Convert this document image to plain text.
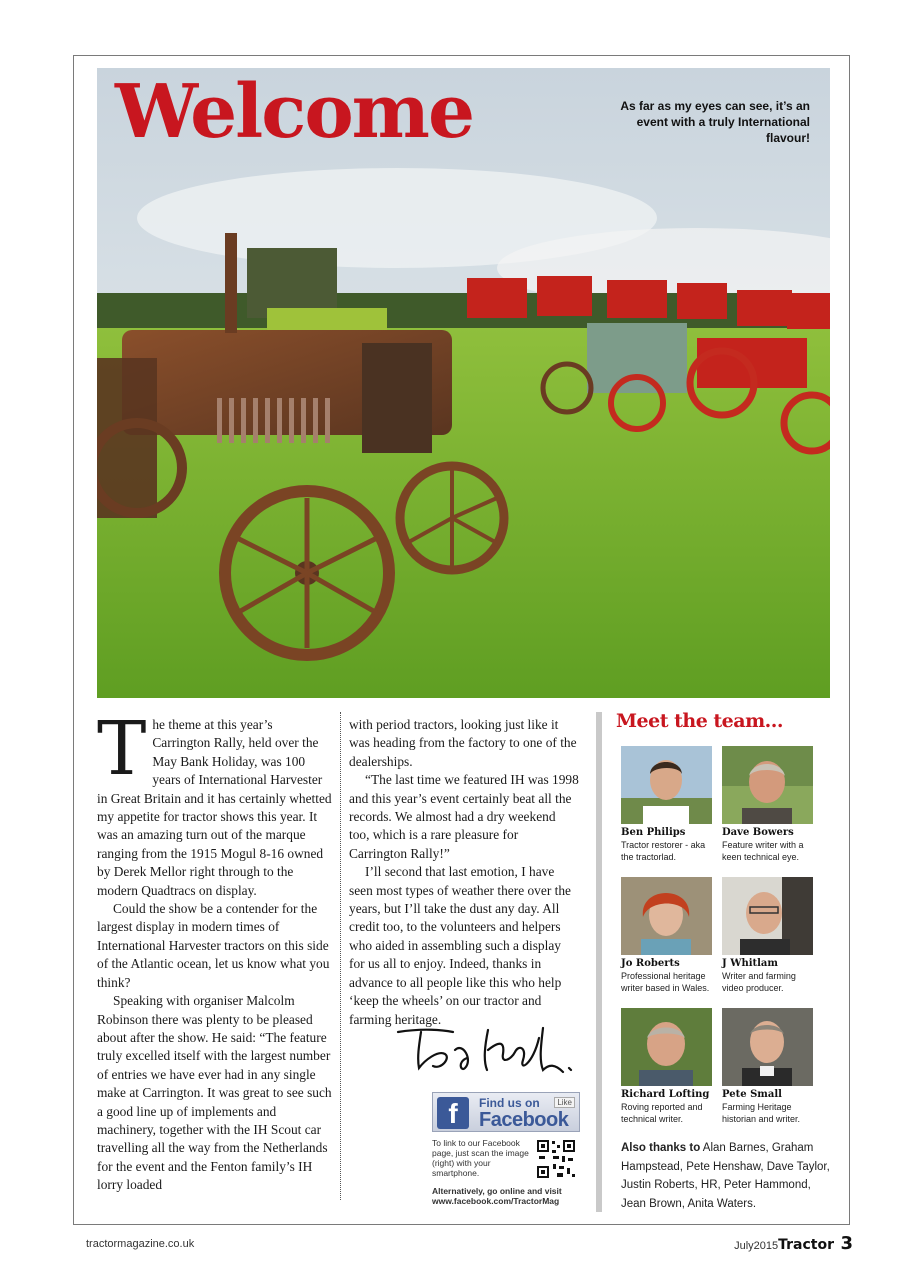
Welcome	As far as my eyes can see, it’s an event with a truly International flavour!
T he theme at this year’s Carrington Rally, held over the May Bank Holiday, was 100 years of International Harvester in Great Britain and it has certainly whetted my appetite for tractor shows this year. It was an amazing turn out of the marque ranging from the 1915 Mogul 8-16 owned by Derek Mellor right through to the modern Quadtracs on display.

Could the show be a contender for the largest display in modern times of International Harvester tractors on this side of the Atlantic ocean, let us know what you think?

Speaking with organiser Malcolm Robinson there was plenty to be pleased about after the show. He said: “The feature truly excelled itself with the largest number of entries we have ever had in any single make at Carrington. It was great to see such a good line up of implements and machinery, together with the IH Scout car travelling all the way from the Netherlands for the event and the Fenton family’s IH lorry loaded

with period tractors, looking just like it was heading from the factory to one of the dealerships.

“The last time we featured IH was 1998 and this year’s event certainly beat all the records. We almost had a dry weekend too, which is a rare pleasure for Carrington Rally!”

I’ll second that last emotion, I have seen most types of weather there over the years, but I’ll take the dust any day. All credit too, to the volunteers and helpers who aided in assembling such a display for us all to enjoy. Indeed, thanks in advance to all people like this who help ‘keep the wheels’ on our tractor and farming heritage.

f	Find us on	Like
Facebook
To link to our Facebook page, just scan the image (right) with your smartphone.
Alternatively, go online and visit www.facebook.com/TractorMag
Meet the team...
Ben Philips
Tractor restorer - aka the tractorlad.
Dave Bowers
Feature writer with a keen technical eye.
Jo Roberts
Professional heritage writer based in Wales.
J Whitlam
Writer and farming video producer.
Richard Lofting
Roving reported and technical writer.
Pete Small
Farming Heritage historian and writer.
Also thanks to Alan Barnes, Graham Hampstead, Pete Henshaw, Dave Taylor, Justin Roberts, HR, Peter Hammond, Jean Brown, Anita Waters.
tractormagazine.co.uk	July2015Tractor 3
